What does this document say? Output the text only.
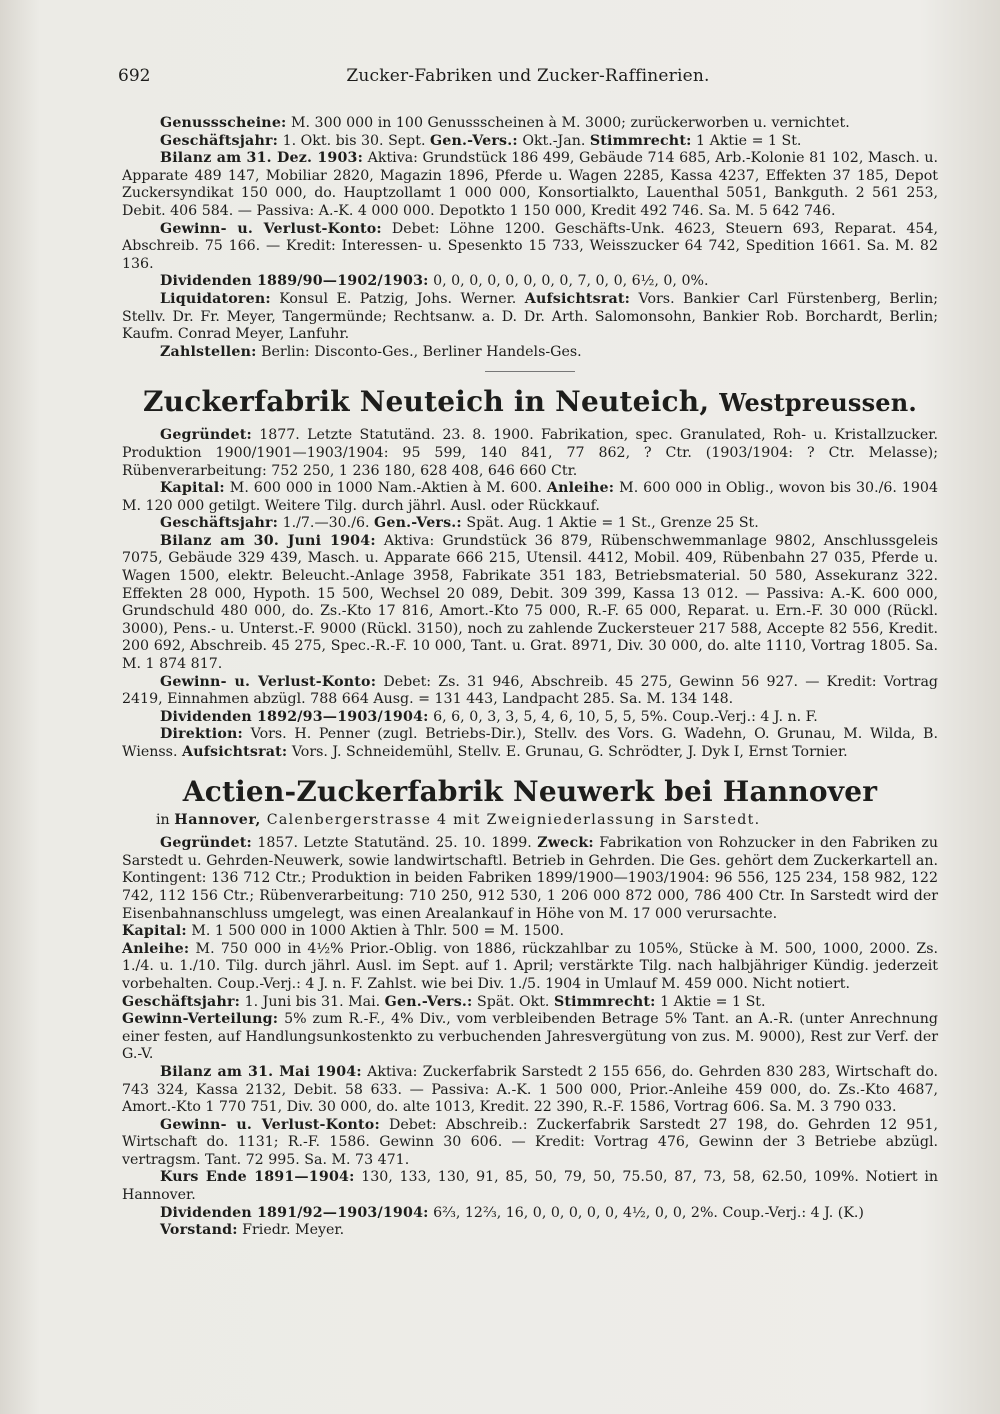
692	Zucker-Fabriken und Zucker-Raffinerien.

Genussscheine: M. 300 000 in 100 Genussscheinen à M. 3000; zurückerworben u. vernichtet.

Geschäftsjahr: 1. Okt. bis 30. Sept. Gen.-Vers.: Okt.-Jan. Stimmrecht: 1 Aktie = 1 St.

Bilanz am 31. Dez. 1903: Aktiva: Grundstück 186 499, Gebäude 714 685, Arb.-Kolonie 81 102, Masch. u. Apparate 489 147, Mobiliar 2820, Magazin 1896, Pferde u. Wagen 2285, Kassa 4237, Effekten 37 185, Depot Zuckersyndikat 150 000, do. Hauptzollamt 1 000 000, Konsortialkto, Lauenthal 5051, Bankguth. 2 561 253, Debit. 406 584. — Passiva: A.-K. 4 000 000. Depotkto 1 150 000, Kredit 492 746. Sa. M. 5 642 746.

Gewinn- u. Verlust-Konto: Debet: Löhne 1200. Geschäfts-Unk. 4623, Steuern 693, Reparat. 454, Abschreib. 75 166. — Kredit: Interessen- u. Spesenkto 15 733, Weisszucker 64 742, Spedition 1661. Sa. M. 82 136.

Dividenden 1889/90—1902/1903: 0, 0, 0, 0, 0, 0, 0, 0, 7, 0, 0, 6½, 0, 0%.

Liquidatoren: Konsul E. Patzig, Johs. Werner. Aufsichtsrat: Vors. Bankier Carl Fürstenberg, Berlin; Stellv. Dr. Fr. Meyer, Tangermünde; Rechtsanw. a. D. Dr. Arth. Salomonsohn, Bankier Rob. Borchardt, Berlin; Kaufm. Conrad Meyer, Lanfuhr.

Zahlstellen: Berlin: Disconto-Ges., Berliner Handels-Ges.

Zuckerfabrik Neuteich in Neuteich, Westpreussen.

Gegründet: 1877. Letzte Statutänd. 23. 8. 1900. Fabrikation, spec. Granulated, Roh- u. Kristallzucker. Produktion 1900/1901—1903/1904: 95 599, 140 841, 77 862, ? Ctr. (1903/1904: ? Ctr. Melasse); Rübenverarbeitung: 752 250, 1 236 180, 628 408, 646 660 Ctr.

Kapital: M. 600 000 in 1000 Nam.-Aktien à M. 600. Anleihe: M. 600 000 in Oblig., wovon bis 30./6. 1904 M. 120 000 getilgt. Weitere Tilg. durch jährl. Ausl. oder Rückkauf.

Geschäftsjahr: 1./7.—30./6. Gen.-Vers.: Spät. Aug. 1 Aktie = 1 St., Grenze 25 St.

Bilanz am 30. Juni 1904: Aktiva: Grundstück 36 879, Rübenschwemmanlage 9802, Anschlussgeleis 7075, Gebäude 329 439, Masch. u. Apparate 666 215, Utensil. 4412, Mobil. 409, Rübenbahn 27 035, Pferde u. Wagen 1500, elektr. Beleucht.-Anlage 3958, Fabrikate 351 183, Betriebsmaterial. 50 580, Assekuranz 322. Effekten 28 000, Hypoth. 15 500, Wechsel 20 089, Debit. 309 399, Kassa 13 012. — Passiva: A.-K. 600 000, Grundschuld 480 000, do. Zs.-Kto 17 816, Amort.-Kto 75 000, R.-F. 65 000, Reparat. u. Ern.-F. 30 000 (Rückl. 3000), Pens.- u. Unterst.-F. 9000 (Rückl. 3150), noch zu zahlende Zuckersteuer 217 588, Accepte 82 556, Kredit. 200 692, Abschreib. 45 275, Spec.-R.-F. 10 000, Tant. u. Grat. 8971, Div. 30 000, do. alte 1110, Vortrag 1805. Sa. M. 1 874 817.

Gewinn- u. Verlust-Konto: Debet: Zs. 31 946, Abschreib. 45 275, Gewinn 56 927. — Kredit: Vortrag 2419, Einnahmen abzügl. 788 664 Ausg. = 131 443, Landpacht 285. Sa. M. 134 148.

Dividenden 1892/93—1903/1904: 6, 6, 0, 3, 3, 5, 4, 6, 10, 5, 5, 5%. Coup.-Verj.: 4 J. n. F.

Direktion: Vors. H. Penner (zugl. Betriebs-Dir.), Stellv. des Vors. G. Wadehn, O. Grunau, M. Wilda, B. Wienss. Aufsichtsrat: Vors. J. Schneidemühl, Stellv. E. Grunau, G. Schrödter, J. Dyk I, Ernst Tornier.

Actien-Zuckerfabrik Neuwerk bei Hannover

in Hannover, Calenbergerstrasse 4 mit Zweigniederlassung in Sarstedt.

Gegründet: 1857. Letzte Statutänd. 25. 10. 1899. Zweck: Fabrikation von Rohzucker in den Fabriken zu Sarstedt u. Gehrden-Neuwerk, sowie landwirtschaftl. Betrieb in Gehrden. Die Ges. gehört dem Zuckerkartell an. Kontingent: 136 712 Ctr.; Produktion in beiden Fabriken 1899/1900—1903/1904: 96 556, 125 234, 158 982, 122 742, 112 156 Ctr.; Rübenverarbeitung: 710 250, 912 530, 1 206 000 872 000, 786 400 Ctr. In Sarstedt wird der Eisenbahnanschluss umgelegt, was einen Arealankauf in Höhe von M. 17 000 verursachte.

Kapital: M. 1 500 000 in 1000 Aktien à Thlr. 500 = M. 1500.

Anleihe: M. 750 000 in 4½% Prior.-Oblig. von 1886, rückzahlbar zu 105%, Stücke à M. 500, 1000, 2000. Zs. 1./4. u. 1./10. Tilg. durch jährl. Ausl. im Sept. auf 1. April; verstärkte Tilg. nach halbjähriger Kündig. jederzeit vorbehalten. Coup.-Verj.: 4 J. n. F. Zahlst. wie bei Div. 1./5. 1904 in Umlauf M. 459 000. Nicht notiert.

Geschäftsjahr: 1. Juni bis 31. Mai. Gen.-Vers.: Spät. Okt. Stimmrecht: 1 Aktie = 1 St.

Gewinn-Verteilung: 5% zum R.-F., 4% Div., vom verbleibenden Betrage 5% Tant. an A.-R. (unter Anrechnung einer festen, auf Handlungsunkostenkto zu verbuchenden Jahresvergütung von zus. M. 9000), Rest zur Verf. der G.-V.

Bilanz am 31. Mai 1904: Aktiva: Zuckerfabrik Sarstedt 2 155 656, do. Gehrden 830 283, Wirtschaft do. 743 324, Kassa 2132, Debit. 58 633. — Passiva: A.-K. 1 500 000, Prior.-Anleihe 459 000, do. Zs.-Kto 4687, Amort.-Kto 1 770 751, Div. 30 000, do. alte 1013, Kredit. 22 390, R.-F. 1586, Vortrag 606. Sa. M. 3 790 033.

Gewinn- u. Verlust-Konto: Debet: Abschreib.: Zuckerfabrik Sarstedt 27 198, do. Gehrden 12 951, Wirtschaft do. 1131; R.-F. 1586. Gewinn 30 606. — Kredit: Vortrag 476, Gewinn der 3 Betriebe abzügl. vertragsm. Tant. 72 995. Sa. M. 73 471.

Kurs Ende 1891—1904: 130, 133, 130, 91, 85, 50, 79, 50, 75.50, 87, 73, 58, 62.50, 109%. Notiert in Hannover.

Dividenden 1891/92—1903/1904: 6⅔, 12⅔, 16, 0, 0, 0, 0, 0, 4½, 0, 0, 2%. Coup.-Verj.: 4 J. (K.)

Vorstand: Friedr. Meyer.
